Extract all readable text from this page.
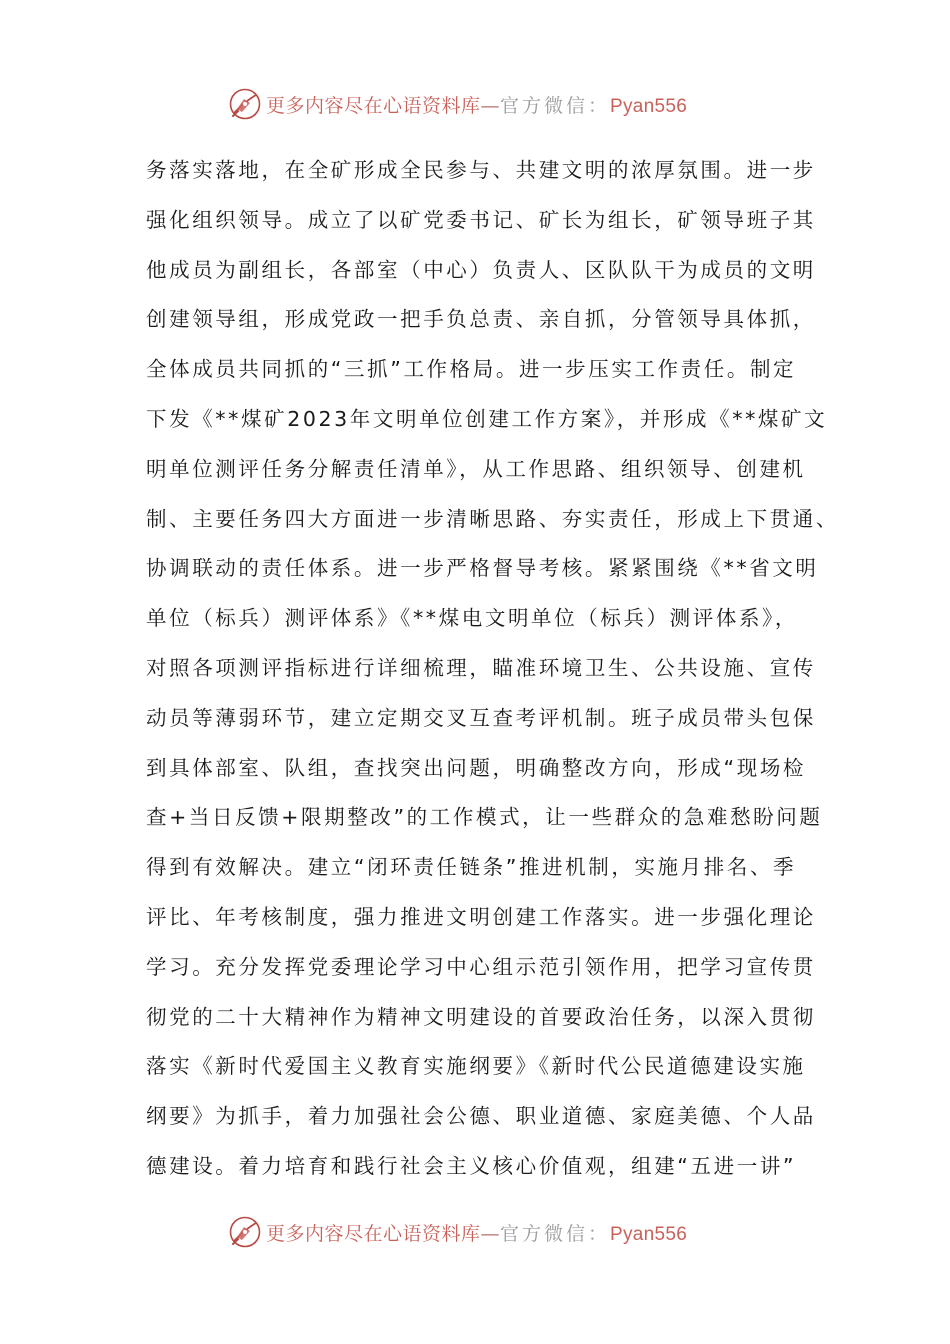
更多内容尽在心语资料库—官方微信：Pyan556
务落实落地，在全矿形成全民参与、共建文明的浓厚氛围。进一步
强化组织领导。成立了以矿党委书记、矿长为组长，矿领导班子其
他成员为副组长，各部室（中心）负责人、区队队干为成员的文明
创建领导组，形成党政一把手负总责、亲自抓，分管领导具体抓，
全体成员共同抓的“三抓”工作格局。进一步压实工作责任。制定
下发《**煤矿2023年文明单位创建工作方案》，并形成《**煤矿文
明单位测评任务分解责任清单》，从工作思路、组织领导、创建机
制、主要任务四大方面进一步清晰思路、夯实责任，形成上下贯通、
协调联动的责任体系。进一步严格督导考核。紧紧围绕《**省文明
单位（标兵）测评体系》《**煤电文明单位（标兵）测评体系》，
对照各项测评指标进行详细梳理，瞄准环境卫生、公共设施、宣传
动员等薄弱环节，建立定期交叉互查考评机制。班子成员带头包保
到具体部室、队组，查找突出问题，明确整改方向，形成“现场检
查+当日反馈+限期整改”的工作模式，让一些群众的急难愁盼问题
得到有效解决。建立“闭环责任链条”推进机制，实施月排名、季
评比、年考核制度，强力推进文明创建工作落实。进一步强化理论
学习。充分发挥党委理论学习中心组示范引领作用，把学习宣传贯
彻党的二十大精神作为精神文明建设的首要政治任务，以深入贯彻
落实《新时代爱国主义教育实施纲要》《新时代公民道德建设实施
纲要》为抓手，着力加强社会公德、职业道德、家庭美德、个人品
德建设。着力培育和践行社会主义核心价值观，组建“五进一讲”
更多内容尽在心语资料库—官方微信：Pyan556
